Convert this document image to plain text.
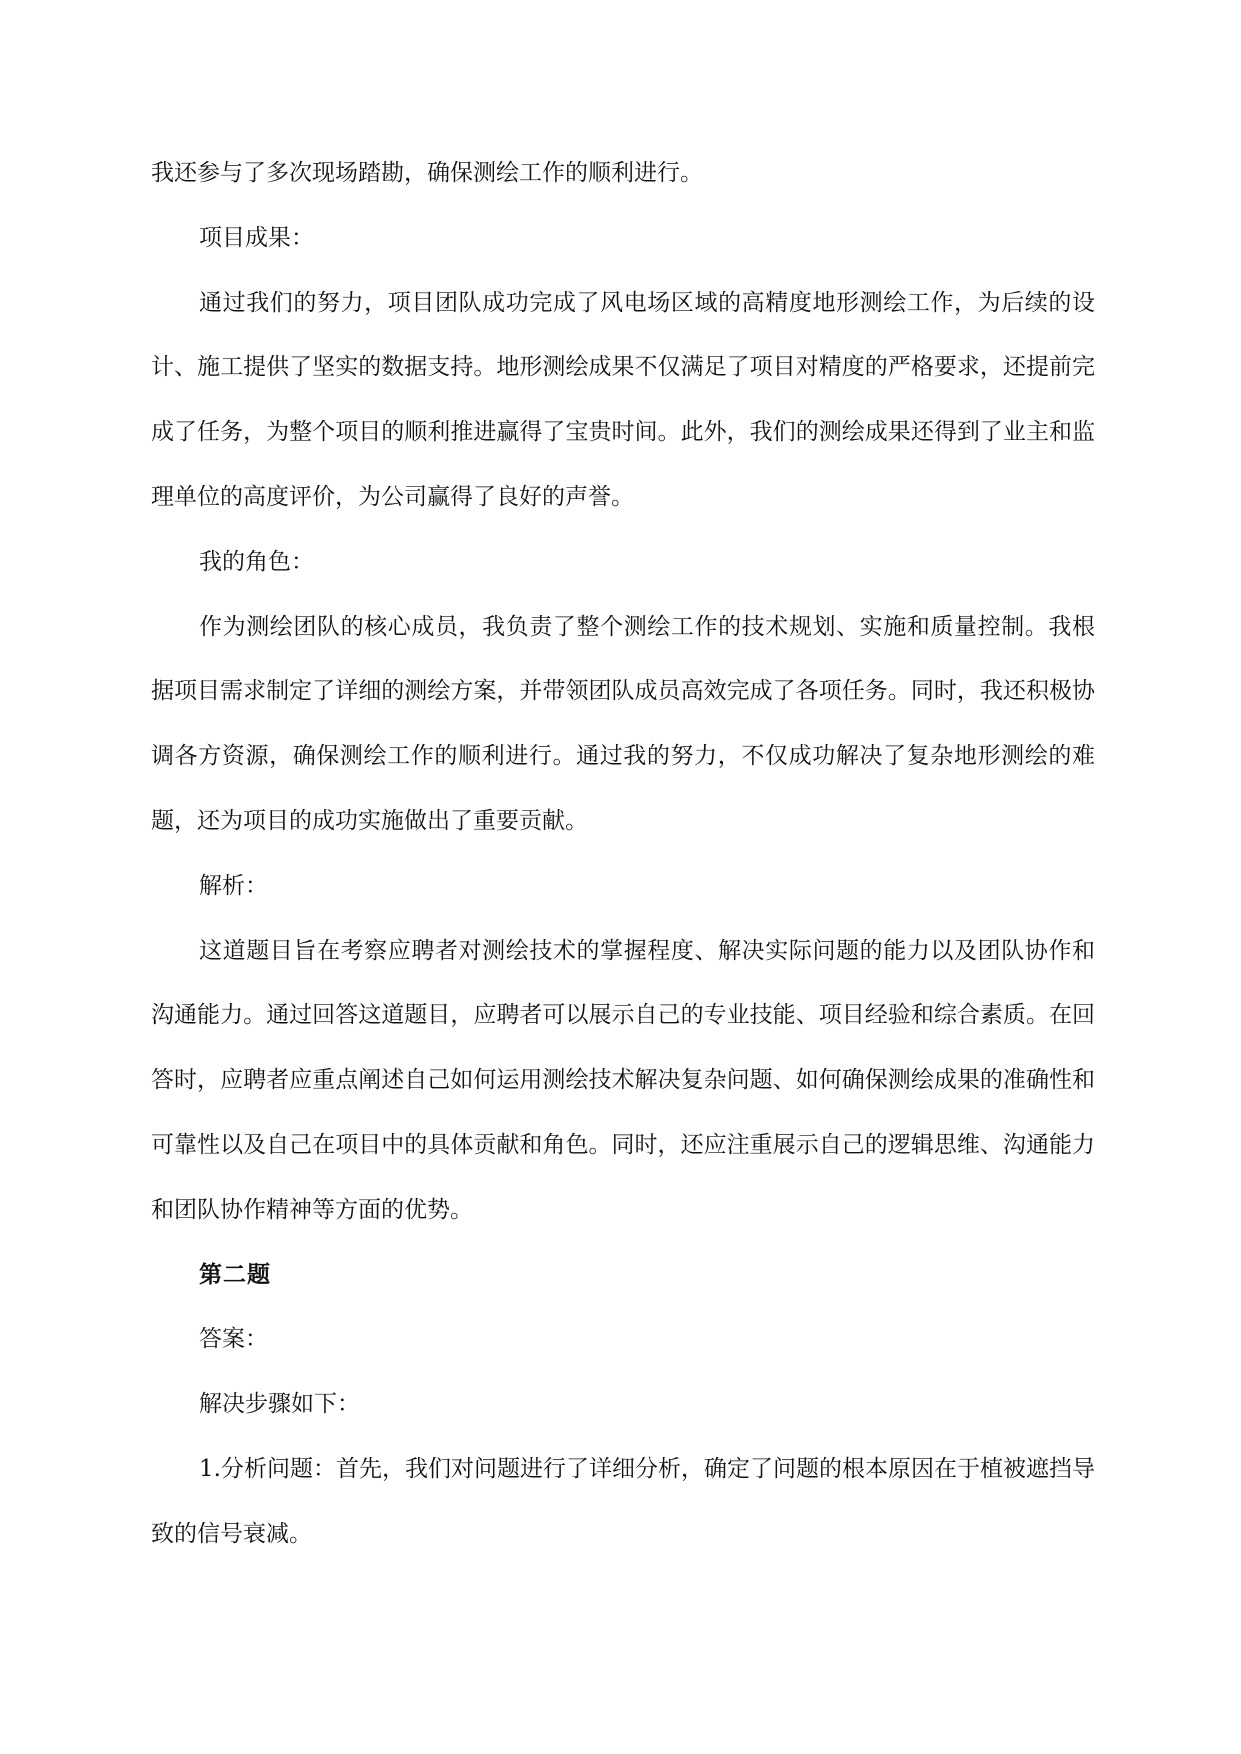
我还参与了多次现场踏勘，确保测绘工作的顺利进行。

项目成果：

通过我们的努力，项目团队成功完成了风电场区域的高精度地形测绘工作，为后续的设计、施工提供了坚实的数据支持。地形测绘成果不仅满足了项目对精度的严格要求，还提前完成了任务，为整个项目的顺利推进赢得了宝贵时间。此外，我们的测绘成果还得到了业主和监理单位的高度评价，为公司赢得了良好的声誉。

我的角色：

作为测绘团队的核心成员，我负责了整个测绘工作的技术规划、实施和质量控制。我根据项目需求制定了详细的测绘方案，并带领团队成员高效完成了各项任务。同时，我还积极协调各方资源，确保测绘工作的顺利进行。通过我的努力，不仅成功解决了复杂地形测绘的难题，还为项目的成功实施做出了重要贡献。

解析：

这道题目旨在考察应聘者对测绘技术的掌握程度、解决实际问题的能力以及团队协作和沟通能力。通过回答这道题目，应聘者可以展示自己的专业技能、项目经验和综合素质。在回答时，应聘者应重点阐述自己如何运用测绘技术解决复杂问题、如何确保测绘成果的准确性和可靠性以及自己在项目中的具体贡献和角色。同时，还应注重展示自己的逻辑思维、沟通能力和团队协作精神等方面的优势。

第二题

答案：

解决步骤如下：

1.分析问题：首先，我们对问题进行了详细分析，确定了问题的根本原因在于植被遮挡导致的信号衰减。
